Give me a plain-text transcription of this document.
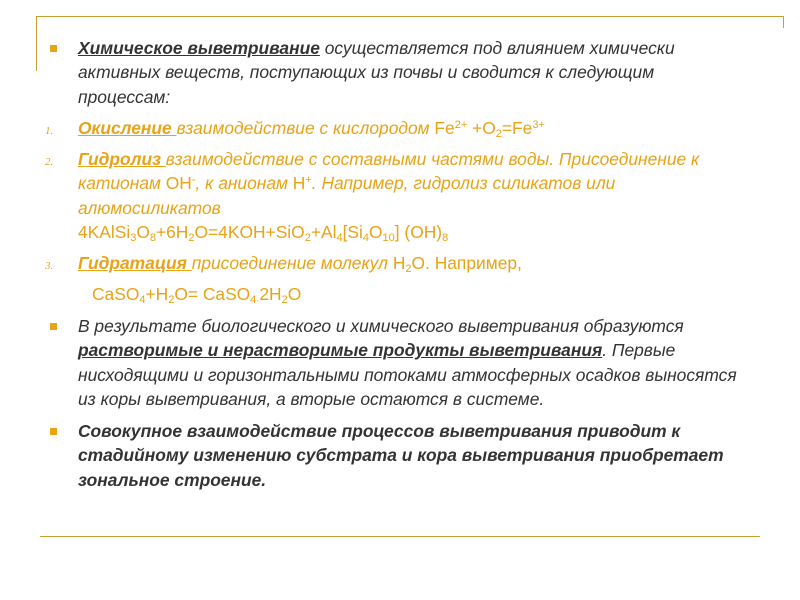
Химическое выветривание осуществляется под влиянием химически активных веществ, поступающих из почвы и сводится к следующим процессам:
1. Окисление взаимодействие с кислородом $Fe^{2+} +O_2=Fe^{3+}$
2. Гидролиз взаимодействие с составными частями воды. Присоединение к катионам OH-, к анионам H+. Например, гидролиз силикатов или алюмосиликатов
$4KAlSi_3O_8+6H_2O=4KOH+SiO_2+Al_4[Si_4O_{10}]$ $(OH)_8$
3. Гидратация присоединение молекул $H_2O$. Например,
$CaSO_4+H_2O=$ $CaSO_{4\cdot}2H_2O$
В результате биологического и химического выветривания образуются растворимые и нерастворимые продукты выветривания. Первые нисходящими и горизонтальными потоками атмосферных осадков выносятся из коры выветривания, а вторые остаются в системе.
Совокупное взаимодействие процессов выветривания приводит к стадийному изменению субстрата и кора выветривания приобретает зональное строение.
